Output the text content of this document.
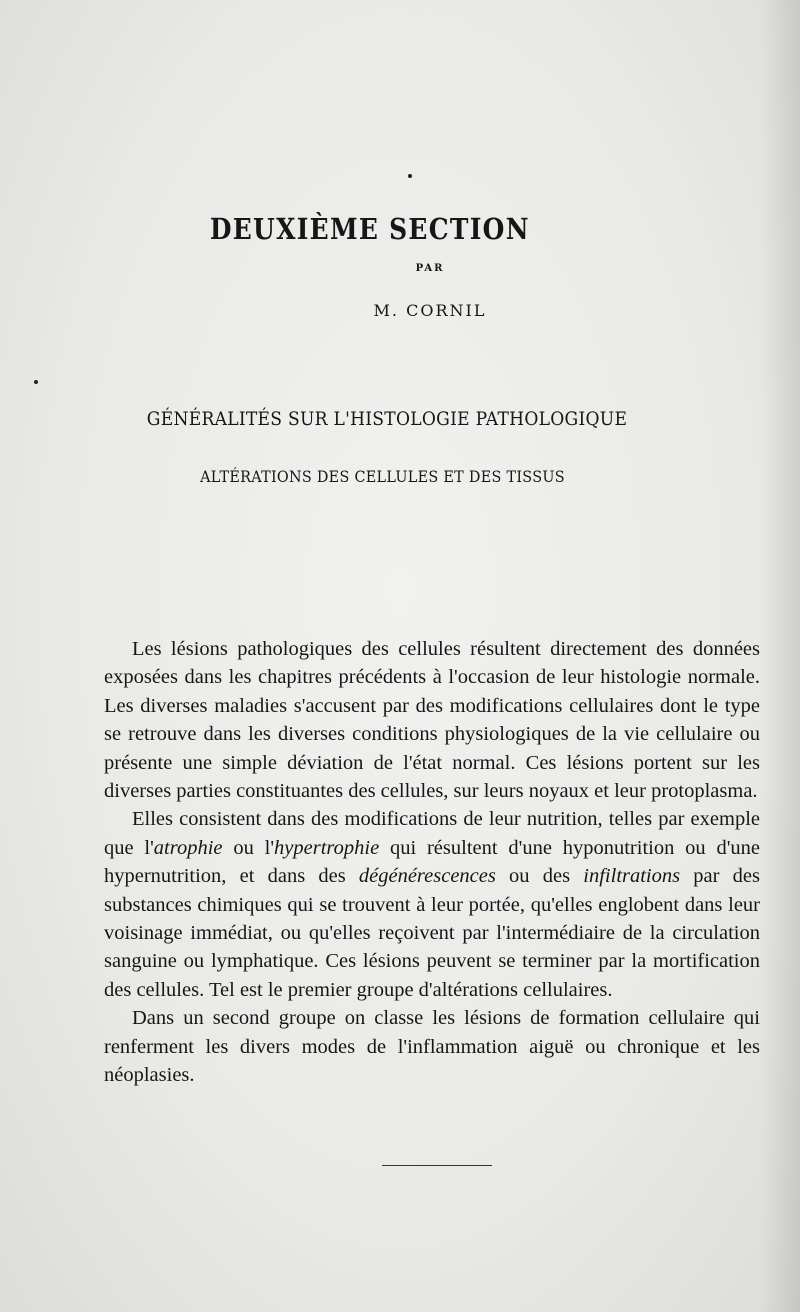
DEUXIÈME SECTION
PAR
M. CORNIL
GÉNÉRALITÉS SUR L'HISTOLOGIE PATHOLOGIQUE
ALTÉRATIONS DES CELLULES ET DES TISSUS

Les lésions pathologiques des cellules résultent directement des données exposées dans les chapitres précédents à l'occasion de leur histologie normale. Les diverses maladies s'accusent par des modifications cellulaires dont le type se retrouve dans les diverses conditions physiologiques de la vie cellulaire ou présente une simple déviation de l'état normal. Ces lésions portent sur les diverses parties constituantes des cellules, sur leurs noyaux et leur protoplasma.

Elles consistent dans des modifications de leur nutrition, telles par exemple que l'atrophie ou l'hypertrophie qui résultent d'une hyponutrition ou d'une hypernutrition, et dans des dégénérescences ou des infiltrations par des substances chimiques qui se trouvent à leur portée, qu'elles englobent dans leur voisinage immédiat, ou qu'elles reçoivent par l'intermédiaire de la circulation sanguine ou lymphatique. Ces lésions peuvent se terminer par la mortification des cellules. Tel est le premier groupe d'altérations cellulaires.

Dans un second groupe on classe les lésions de formation cellulaire qui renferment les divers modes de l'inflammation aiguë ou chronique et les néoplasies.
